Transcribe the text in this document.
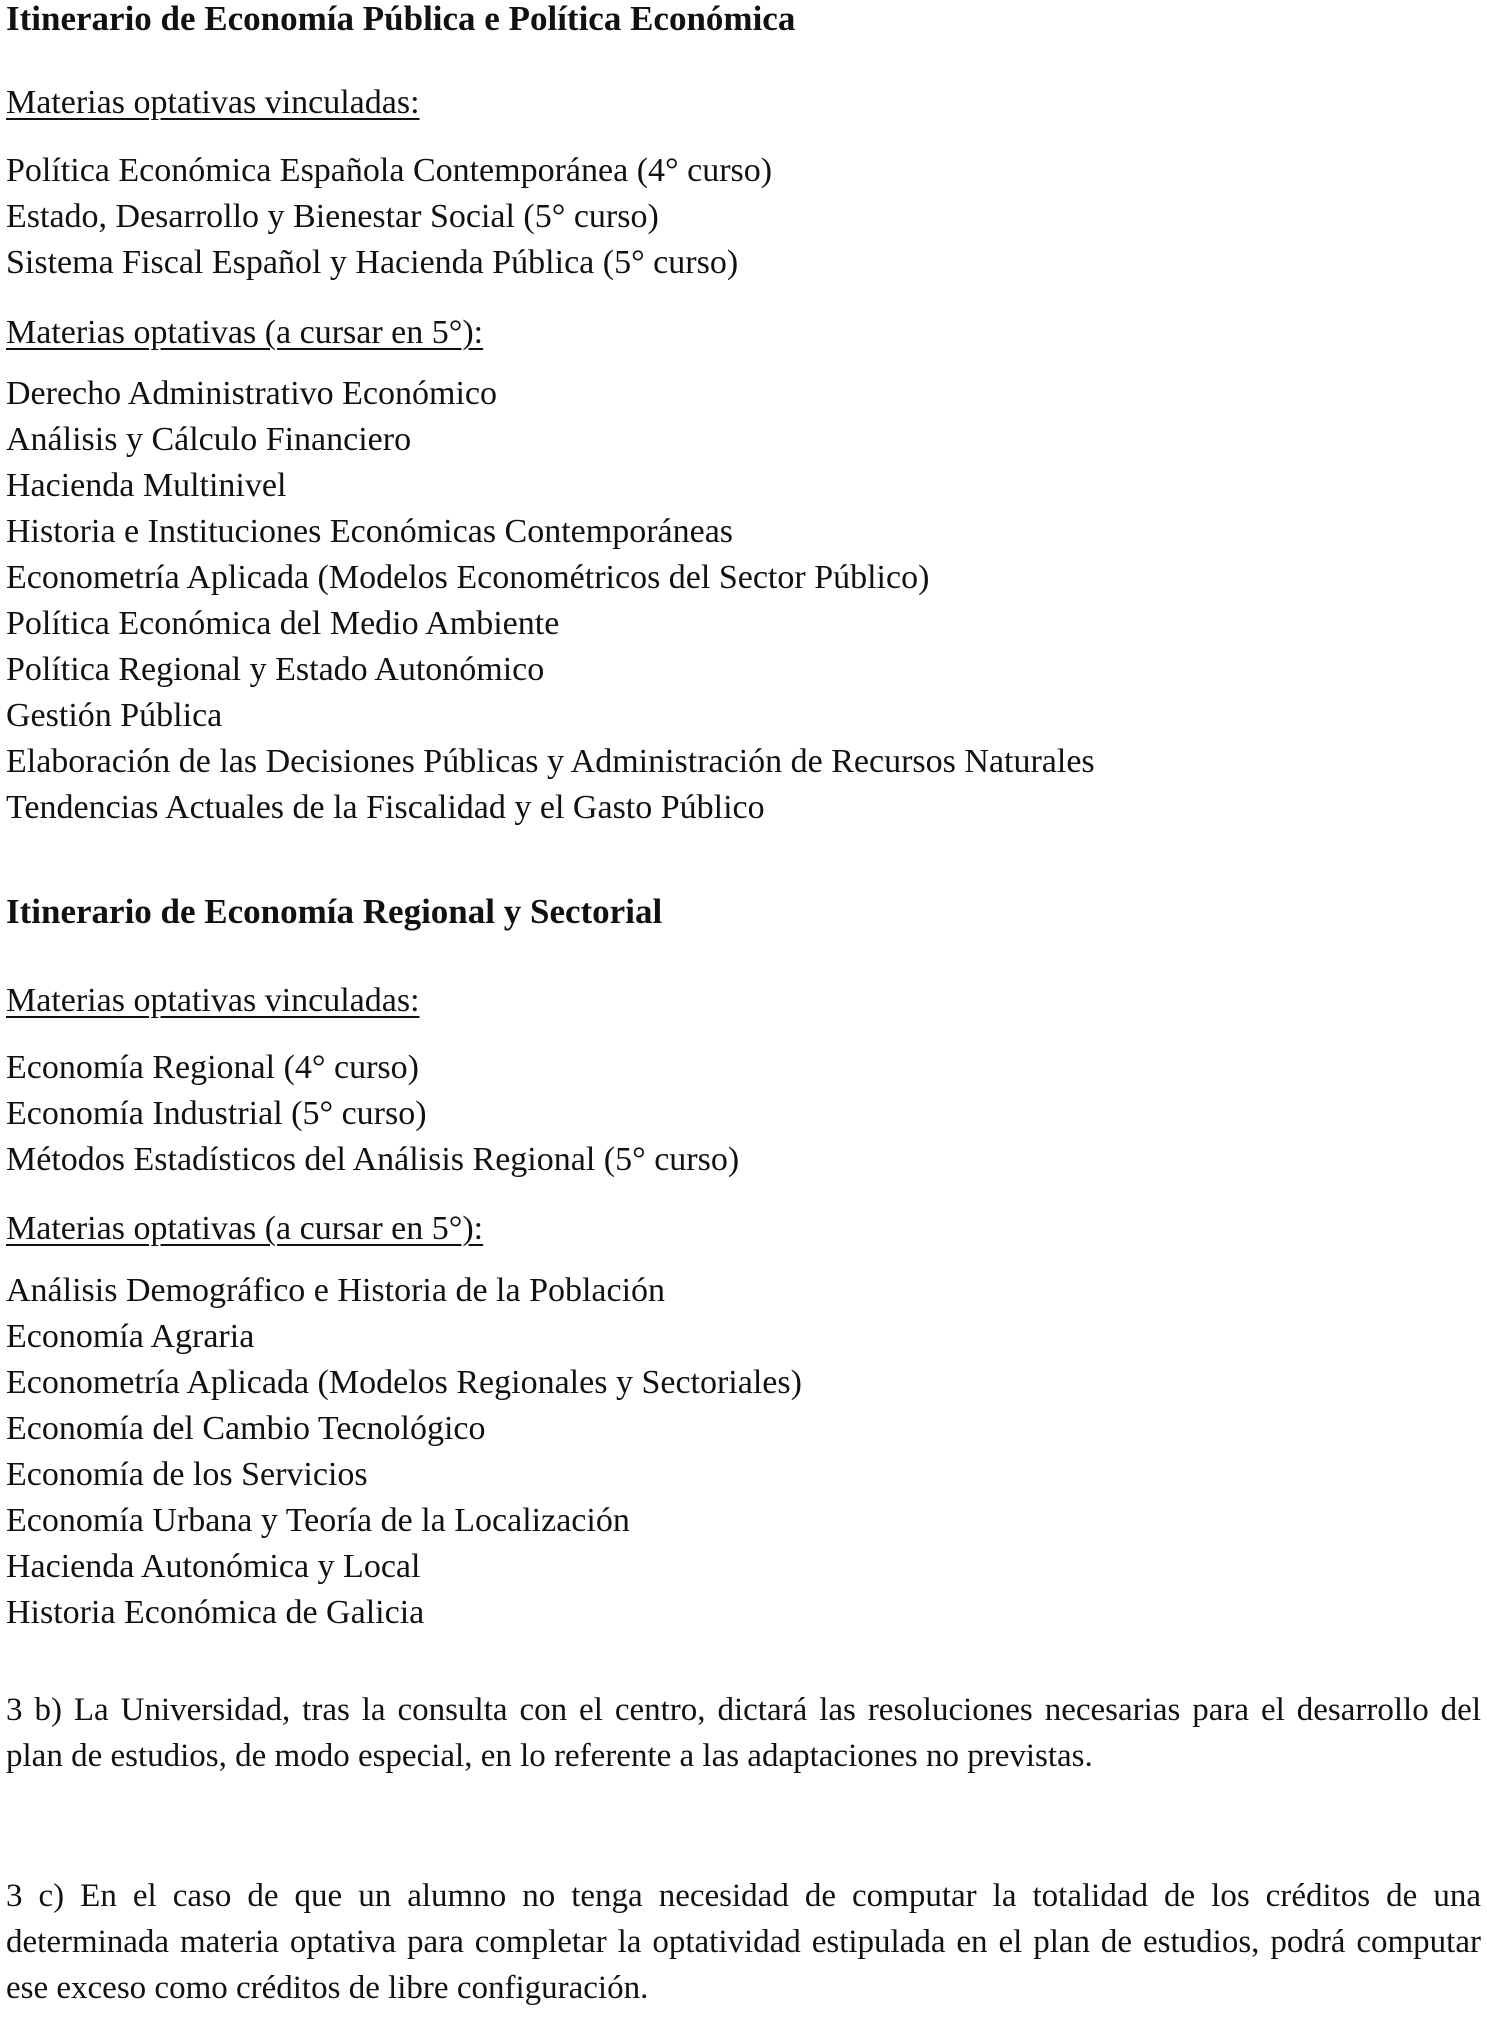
Itinerario de Economía Pública e Política Económica

Materias optativas vinculadas:

Política Económica Española Contemporánea (4° curso)
Estado, Desarrollo y Bienestar Social (5° curso)
Sistema Fiscal Español y Hacienda Pública (5° curso)

Materias optativas (a cursar en 5°):

Derecho Administrativo Económico
Análisis y Cálculo Financiero
Hacienda Multinivel
Historia e Instituciones Económicas Contemporáneas
Econometría Aplicada (Modelos Econométricos del Sector Público)
Política Económica del Medio Ambiente
Política Regional y Estado Autonómico
Gestión Pública
Elaboración de las Decisiones Públicas y Administración de Recursos Naturales
Tendencias Actuales de la Fiscalidad y el Gasto Público
Itinerario de Economía Regional y Sectorial

Materias optativas vinculadas:

Economía Regional (4° curso)
Economía Industrial (5° curso)
Métodos Estadísticos del Análisis Regional (5° curso)

Materias optativas (a cursar en 5°):

Análisis Demográfico e Historia de la Población
Economía Agraria
Econometría Aplicada (Modelos Regionales y Sectoriales)
Economía del Cambio Tecnológico
Economía de los Servicios
Economía Urbana y Teoría de la Localización
Hacienda Autonómica y Local
Historia Económica de Galicia

3 b) La Universidad, tras la consulta con el centro, dictará las resoluciones necesarias para el desarrollo del plan de estudios, de modo especial, en lo referente a las adaptaciones no previstas.

3 c) En el caso de que un alumno no tenga necesidad de computar la totalidad de los créditos de una determinada materia optativa para completar la optatividad estipulada en el plan de estudios, podrá computar ese exceso como créditos de libre configuración.
